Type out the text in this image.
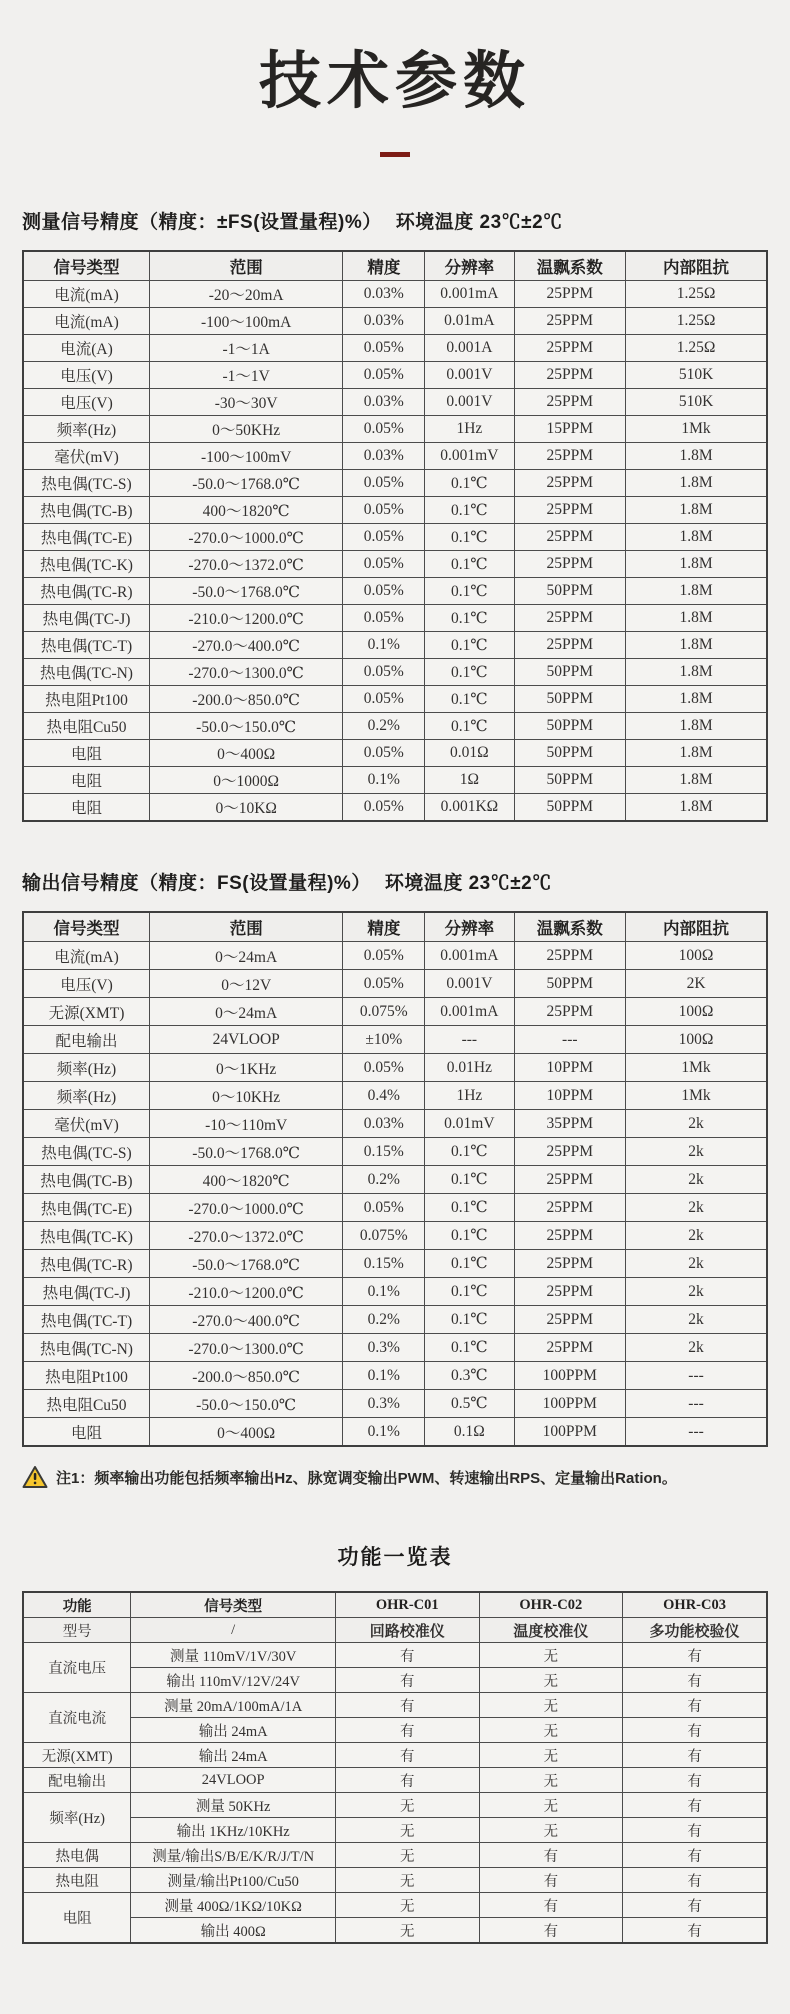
技术参数
测量信号精度（精度：±FS(设置量程)%） 环境温度 23℃±2℃
信号类型	范围	精度	分辨率	温飘系数	内部阻抗
电流(mA)	-20～20mA	0.03%	0.001mA	25PPM	1.25Ω
电流(mA)	-100～100mA	0.03%	0.01mA	25PPM	1.25Ω
电流(A)	-1～1A	0.05%	0.001A	25PPM	1.25Ω
电压(V)	-1～1V	0.05%	0.001V	25PPM	510K
电压(V)	-30～30V	0.03%	0.001V	25PPM	510K
频率(Hz)	0～50KHz	0.05%	1Hz	15PPM	1Mk
毫伏(mV)	-100～100mV	0.03%	0.001mV	25PPM	1.8M
热电偶(TC-S)	-50.0～1768.0℃	0.05%	0.1℃	25PPM	1.8M
热电偶(TC-B)	400～1820℃	0.05%	0.1℃	25PPM	1.8M
热电偶(TC-E)	-270.0～1000.0℃	0.05%	0.1℃	25PPM	1.8M
热电偶(TC-K)	-270.0～1372.0℃	0.05%	0.1℃	25PPM	1.8M
热电偶(TC-R)	-50.0～1768.0℃	0.05%	0.1℃	50PPM	1.8M
热电偶(TC-J)	-210.0～1200.0℃	0.05%	0.1℃	25PPM	1.8M
热电偶(TC-T)	-270.0～400.0℃	0.1%	0.1℃	25PPM	1.8M
热电偶(TC-N)	-270.0～1300.0℃	0.05%	0.1℃	50PPM	1.8M
热电阻Pt100	-200.0～850.0℃	0.05%	0.1℃	50PPM	1.8M
热电阻Cu50	-50.0～150.0℃	0.2%	0.1℃	50PPM	1.8M
电阻	0～400Ω	0.05%	0.01Ω	50PPM	1.8M
电阻	0～1000Ω	0.1%	1Ω	50PPM	1.8M
电阻	0～10KΩ	0.05%	0.001KΩ	50PPM	1.8M
输出信号精度（精度：FS(设置量程)%） 环境温度 23℃±2℃
信号类型	范围	精度	分辨率	温飘系数	内部阻抗
电流(mA)	0～24mA	0.05%	0.001mA	25PPM	100Ω
电压(V)	0～12V	0.05%	0.001V	50PPM	2K
无源(XMT)	0～24mA	0.075%	0.001mA	25PPM	100Ω
配电输出	24VLOOP	±10%	---	---	100Ω
频率(Hz)	0～1KHz	0.05%	0.01Hz	10PPM	1Mk
频率(Hz)	0～10KHz	0.4%	1Hz	10PPM	1Mk
毫伏(mV)	-10～110mV	0.03%	0.01mV	35PPM	2k
热电偶(TC-S)	-50.0～1768.0℃	0.15%	0.1℃	25PPM	2k
热电偶(TC-B)	400～1820℃	0.2%	0.1℃	25PPM	2k
热电偶(TC-E)	-270.0～1000.0℃	0.05%	0.1℃	25PPM	2k
热电偶(TC-K)	-270.0～1372.0℃	0.075%	0.1℃	25PPM	2k
热电偶(TC-R)	-50.0～1768.0℃	0.15%	0.1℃	25PPM	2k
热电偶(TC-J)	-210.0～1200.0℃	0.1%	0.1℃	25PPM	2k
热电偶(TC-T)	-270.0～400.0℃	0.2%	0.1℃	25PPM	2k
热电偶(TC-N)	-270.0～1300.0℃	0.3%	0.1℃	25PPM	2k
热电阻Pt100	-200.0～850.0℃	0.1%	0.3℃	100PPM	---
热电阻Cu50	-50.0～150.0℃	0.3%	0.5℃	100PPM	---
电阻	0～400Ω	0.1%	0.1Ω	100PPM	---
注1：频率输出功能包括频率输出Hz、脉宽调变输出PWM、转速输出RPS、定量输出Ration。
功能一览表
功能	信号类型	OHR-C01	OHR-C02	OHR-C03
型号	/	回路校准仪	温度校准仪	多功能校验仪
直流电压	测量 110mV/1V/30V	有	无	有
	输出 110mV/12V/24V	有	无	有
直流电流	测量 20mA/100mA/1A	有	无	有
	输出 24mA	有	无	有
无源(XMT)	输出 24mA	有	无	有
配电输出	24VLOOP	有	无	有
频率(Hz)	测量 50KHz	无	无	有
	输出 1KHz/10KHz	无	无	有
热电偶	测量/输出S/B/E/K/R/J/T/N	无	有	有
热电阻	测量/输出Pt100/Cu50	无	有	有
电阻	测量 400Ω/1KΩ/10KΩ	无	有	有
	输出 400Ω	无	有	有
